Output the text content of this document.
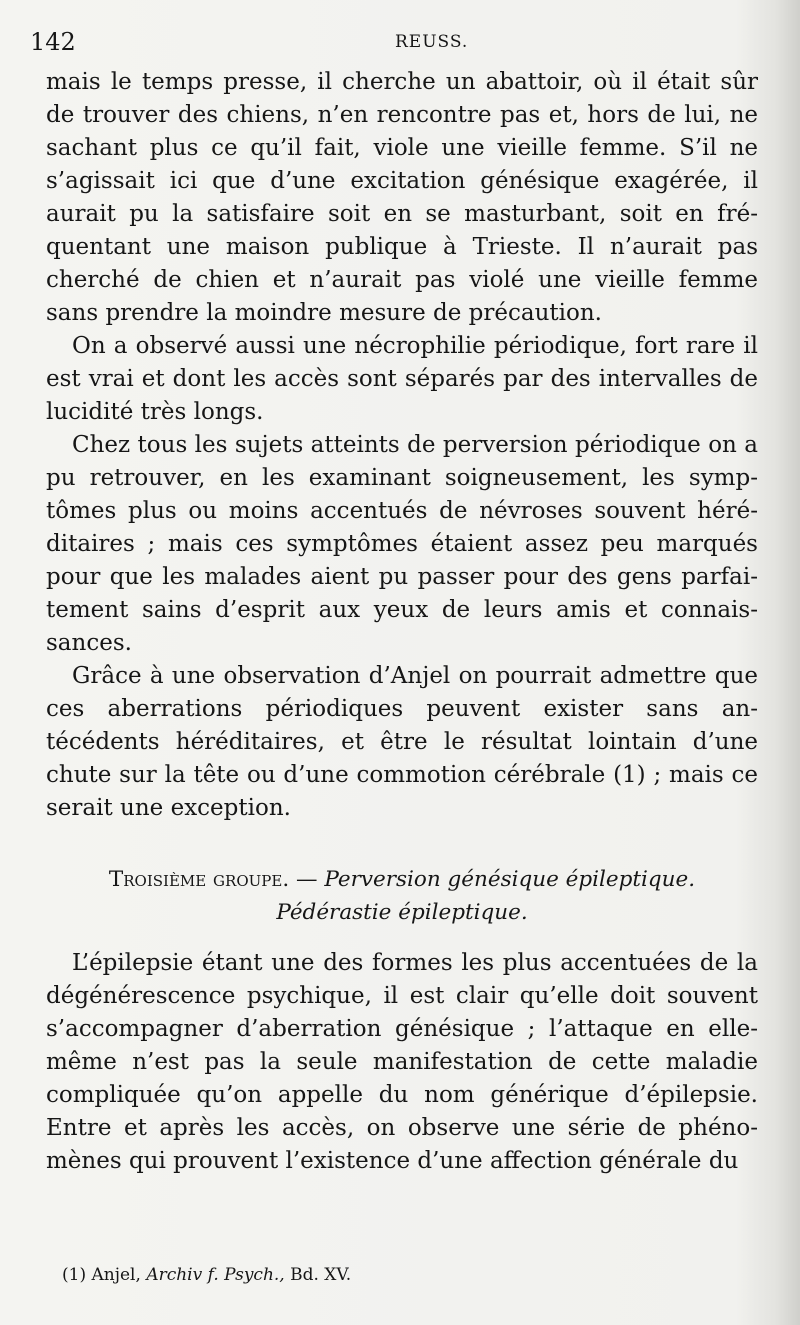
142	REUSS.

mais le temps presse, il cherche un abattoir, où il était sûr de trouver des chiens, n’en rencontre pas et, hors de lui, ne sachant plus ce qu’il fait, viole une vieille femme. S’il ne s’agissait ici que d’une excitation génésique exagérée, il aurait pu la satisfaire soit en se masturbant, soit en fréquentant une maison publique à Trieste. Il n’aurait pas cherché de chien et n’aurait pas violé une vieille femme sans prendre la moindre mesure de précaution.

On a observé aussi une nécrophilie périodique, fort rare il est vrai et dont les accès sont séparés par des intervalles de lucidité très longs.

Chez tous les sujets atteints de perversion périodique on a pu retrouver, en les examinant soigneusement, les symptômes plus ou moins accentués de névroses souvent héréditaires ; mais ces symptômes étaient assez peu marqués pour que les malades aient pu passer pour des gens parfaitement sains d’esprit aux yeux de leurs amis et connaissances.

Grâce à une observation d’Anjel on pourrait admettre que ces aberrations périodiques peuvent exister sans antécédents héréditaires, et être le résultat lointain d’une chute sur la tête ou d’une commotion cérébrale (1) ; mais ce serait une exception.

Troisième groupe. — Perversion génésique épileptique.
Pédérastie épileptique.

L’épilepsie étant une des formes les plus accentuées de la dégénérescence psychique, il est clair qu’elle doit souvent s’accompagner d’aberration génésique ; l’attaque en elle-même n’est pas la seule manifestation de cette maladie compliquée qu’on appelle du nom générique d’épilepsie. Entre et après les accès, on observe une série de phénomènes qui prouvent l’existence d’une affection générale du

(1) Anjel, Archiv f. Psych., Bd. XV.
